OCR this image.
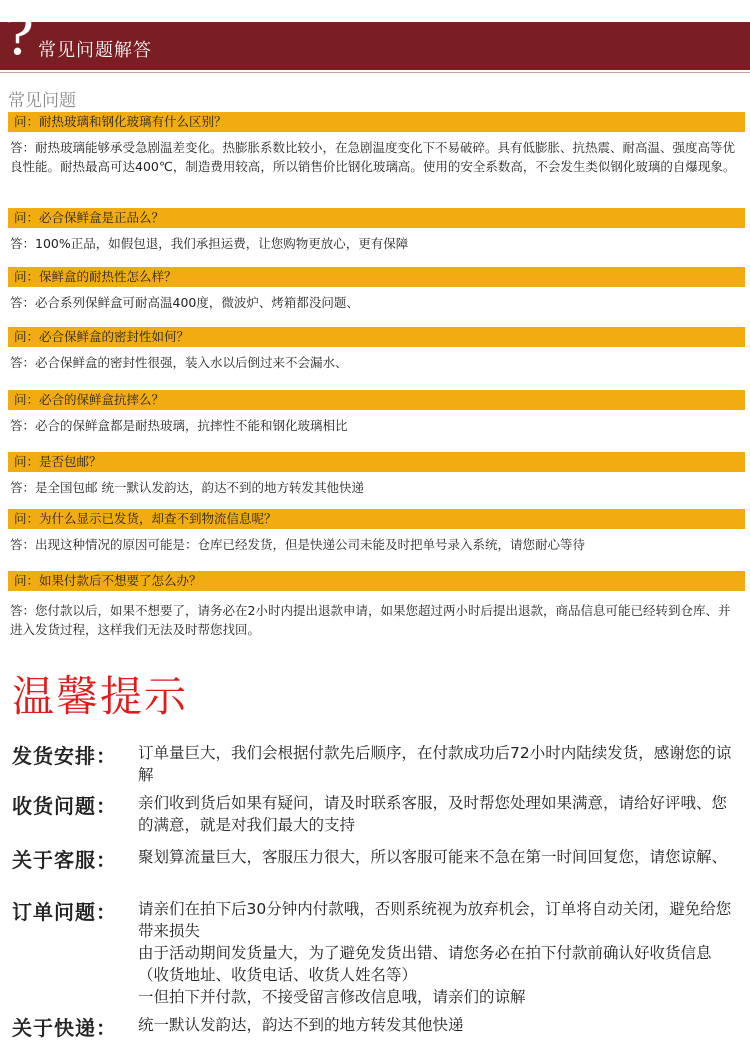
? 常见问题解答
常见问题
问：耐热玻璃和钢化玻璃有什么区别？
答：耐热玻璃能够承受急剧温差变化。热膨胀系数比较小，在急剧温度变化下不易破碎。具有低膨胀、抗热震、耐高温、强度高等优良性能。耐热最高可达400℃，制造费用较高，所以销售价比钢化玻璃高。使用的安全系数高，不会发生类似钢化玻璃的自爆现象。
问：必合保鲜盒是正品么？
答：100%正品，如假包退，我们承担运费，让您购物更放心，更有保障
问：保鲜盒的耐热性怎么样？
答：必合系列保鲜盒可耐高温400度，微波炉、烤箱都没问题、
问：必合保鲜盒的密封性如何？
答：必合保鲜盒的密封性很强，装入水以后倒过来不会漏水、
问：必合的保鲜盒抗摔么？
答：必合的保鲜盒都是耐热玻璃，抗摔性不能和钢化玻璃相比
问：是否包邮？
答：是全国包邮 统一默认发韵达，韵达不到的地方转发其他快递
问：为什么显示已发货，却查不到物流信息呢？
答：出现这种情况的原因可能是：仓库已经发货，但是快递公司未能及时把单号录入系统，请您耐心等待
问：如果付款后不想要了怎么办？
答：您付款以后，如果不想要了，请务必在2小时内提出退款申请，如果您超过两小时后提出退款，商品信息可能已经转到仓库、并进入发货过程，这样我们无法及时帮您找回。
温馨提示
发货安排： 订单量巨大，我们会根据付款先后顺序，在付款成功后72小时内陆续发货，感谢您的谅解
收货问题： 亲们收到货后如果有疑问，请及时联系客服，及时帮您处理如果满意，请给好评哦、您的满意，就是对我们最大的支持
关于客服： 聚划算流量巨大，客服压力很大，所以客服可能来不急在第一时间回复您，请您谅解、
订单问题： 请亲们在拍下后30分钟内付款哦，否则系统视为放弃机会，订单将自动关闭，避免给您带来损失
由于活动期间发货量大，为了避免发货出错、请您务必在拍下付款前确认好收货信息（收货地址、收货电话、收货人姓名等）
一但拍下并付款，不接受留言修改信息哦，请亲们的谅解
关于快递： 统一默认发韵达，韵达不到的地方转发其他快递
